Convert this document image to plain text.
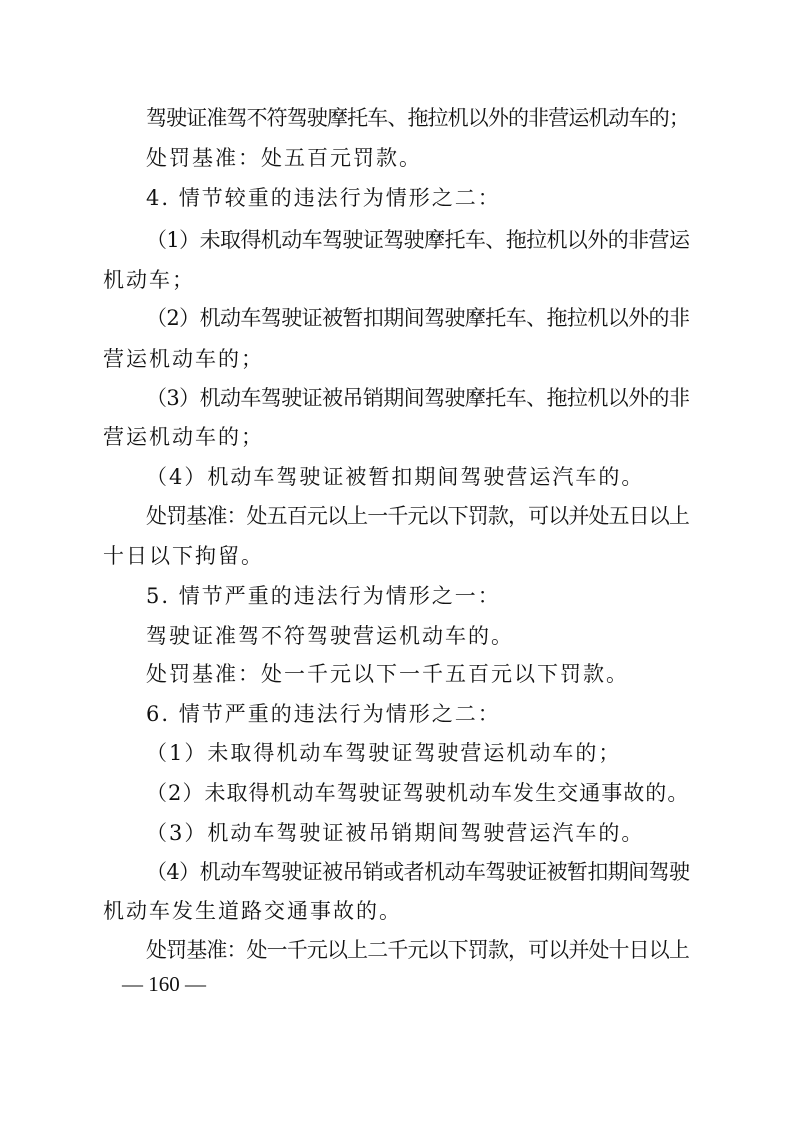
驾驶证准驾不符驾驶摩托车、拖拉机以外的非营运机动车的；
处罚基准：处五百元罚款。
4. 情节较重的违法行为情形之二：
（1）未取得机动车驾驶证驾驶摩托车、拖拉机以外的非营运
机动车；
（2）机动车驾驶证被暂扣期间驾驶摩托车、拖拉机以外的非
营运机动车的；
（3）机动车驾驶证被吊销期间驾驶摩托车、拖拉机以外的非
营运机动车的；
（4）机动车驾驶证被暂扣期间驾驶营运汽车的。
处罚基准：处五百元以上一千元以下罚款，可以并处五日以上
十日以下拘留。
5. 情节严重的违法行为情形之一：
驾驶证准驾不符驾驶营运机动车的。
处罚基准：处一千元以下一千五百元以下罚款。
6. 情节严重的违法行为情形之二：
（1）未取得机动车驾驶证驾驶营运机动车的；
（2）未取得机动车驾驶证驾驶机动车发生交通事故的。
（3）机动车驾驶证被吊销期间驾驶营运汽车的。
（4）机动车驾驶证被吊销或者机动车驾驶证被暂扣期间驾驶
机动车发生道路交通事故的。
处罚基准：处一千元以上二千元以下罚款，可以并处十日以上
— 160 —
